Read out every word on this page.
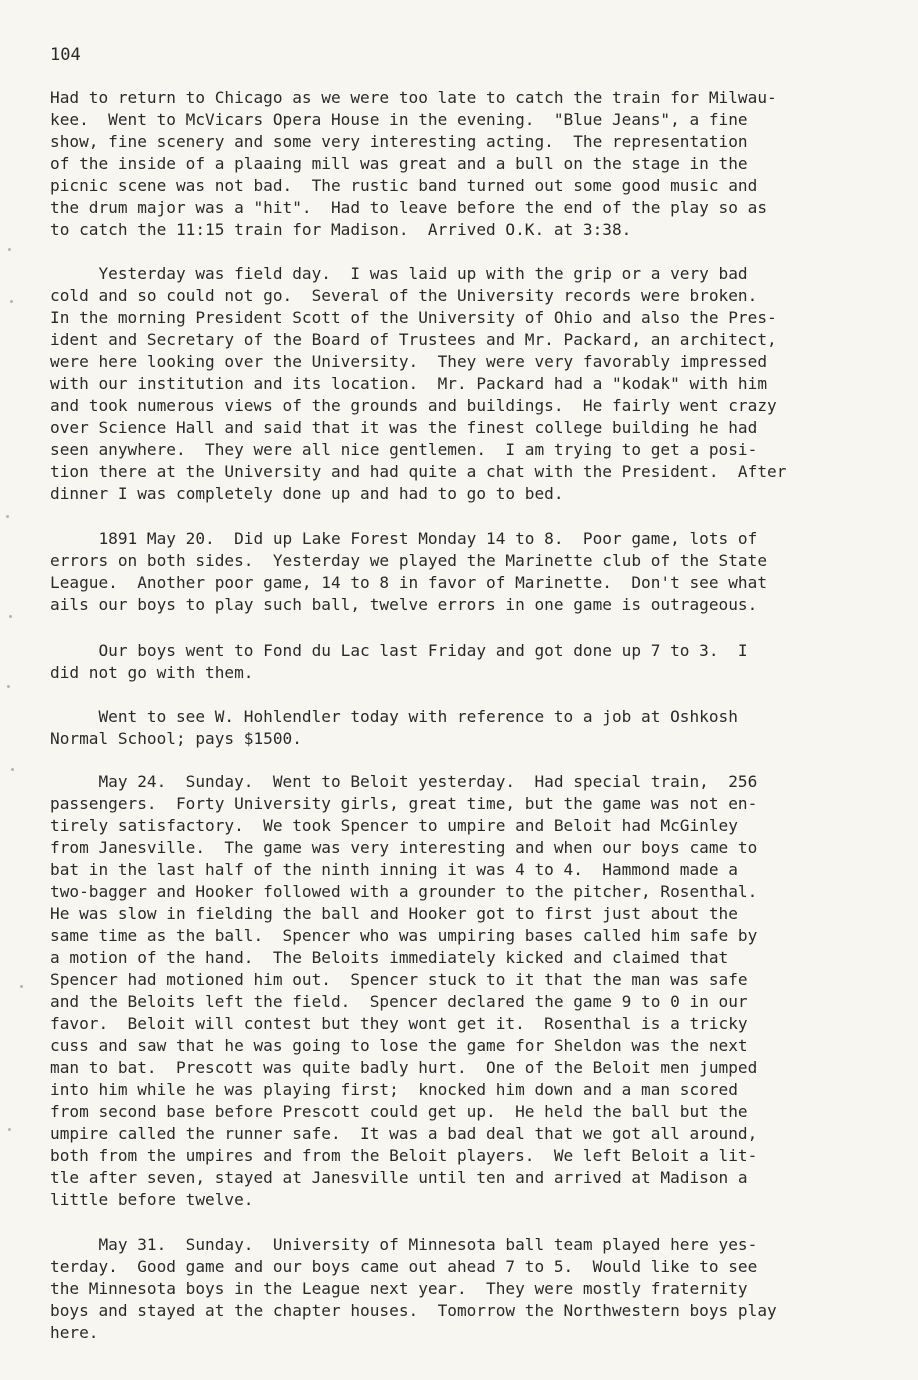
104
Had to return to Chicago as we were too late to catch the train for Milwau-
kee.  Went to McVicars Opera House in the evening.  "Blue Jeans", a fine
show, fine scenery and some very interesting acting.  The representation
of the inside of a plaaing mill was great and a bull on the stage in the
picnic scene was not bad.  The rustic band turned out some good music and
the drum major was a "hit".  Had to leave before the end of the play so as
to catch the 11:15 train for Madison.  Arrived O.K. at 3:38.
Yesterday was field day.  I was laid up with the grip or a very bad
cold and so could not go.  Several of the University records were broken.
In the morning President Scott of the University of Ohio and also the Pres-
ident and Secretary of the Board of Trustees and Mr. Packard, an architect,
were here looking over the University.  They were very favorably impressed
with our institution and its location.  Mr. Packard had a "kodak" with him
and took numerous views of the grounds and buildings.  He fairly went crazy
over Science Hall and said that it was the finest college building he had
seen anywhere.  They were all nice gentlemen.  I am trying to get a posi-
tion there at the University and had quite a chat with the President.  After
dinner I was completely done up and had to go to bed.
1891 May 20.  Did up Lake Forest Monday 14 to 8.  Poor game, lots of
errors on both sides.  Yesterday we played the Marinette club of the State
League.  Another poor game, 14 to 8 in favor of Marinette.  Don't see what
ails our boys to play such ball, twelve errors in one game is outrageous.
Our boys went to Fond du Lac last Friday and got done up 7 to 3.  I
did not go with them.
Went to see W. Hohlendler today with reference to a job at Oshkosh
Normal School; pays $1500.
May 24.  Sunday.  Went to Beloit yesterday.  Had special train,  256
passengers.  Forty University girls, great time, but the game was not en-
tirely satisfactory.  We took Spencer to umpire and Beloit had McGinley
from Janesville.  The game was very interesting and when our boys came to
bat in the last half of the ninth inning it was 4 to 4.  Hammond made a
two-bagger and Hooker followed with a grounder to the pitcher, Rosenthal.
He was slow in fielding the ball and Hooker got to first just about the
same time as the ball.  Spencer who was umpiring bases called him safe by
a motion of the hand.  The Beloits immediately kicked and claimed that
Spencer had motioned him out.  Spencer stuck to it that the man was safe
and the Beloits left the field.  Spencer declared the game 9 to 0 in our
favor.  Beloit will contest but they wont get it.  Rosenthal is a tricky
cuss and saw that he was going to lose the game for Sheldon was the next
man to bat.  Prescott was quite badly hurt.  One of the Beloit men jumped
into him while he was playing first;  knocked him down and a man scored
from second base before Prescott could get up.  He held the ball but the
umpire called the runner safe.  It was a bad deal that we got all around,
both from the umpires and from the Beloit players.  We left Beloit a lit-
tle after seven, stayed at Janesville until ten and arrived at Madison a
little before twelve.
May 31.  Sunday.  University of Minnesota ball team played here yes-
terday.  Good game and our boys came out ahead 7 to 5.  Would like to see
the Minnesota boys in the League next year.  They were mostly fraternity
boys and stayed at the chapter houses.  Tomorrow the Northwestern boys play
here.
